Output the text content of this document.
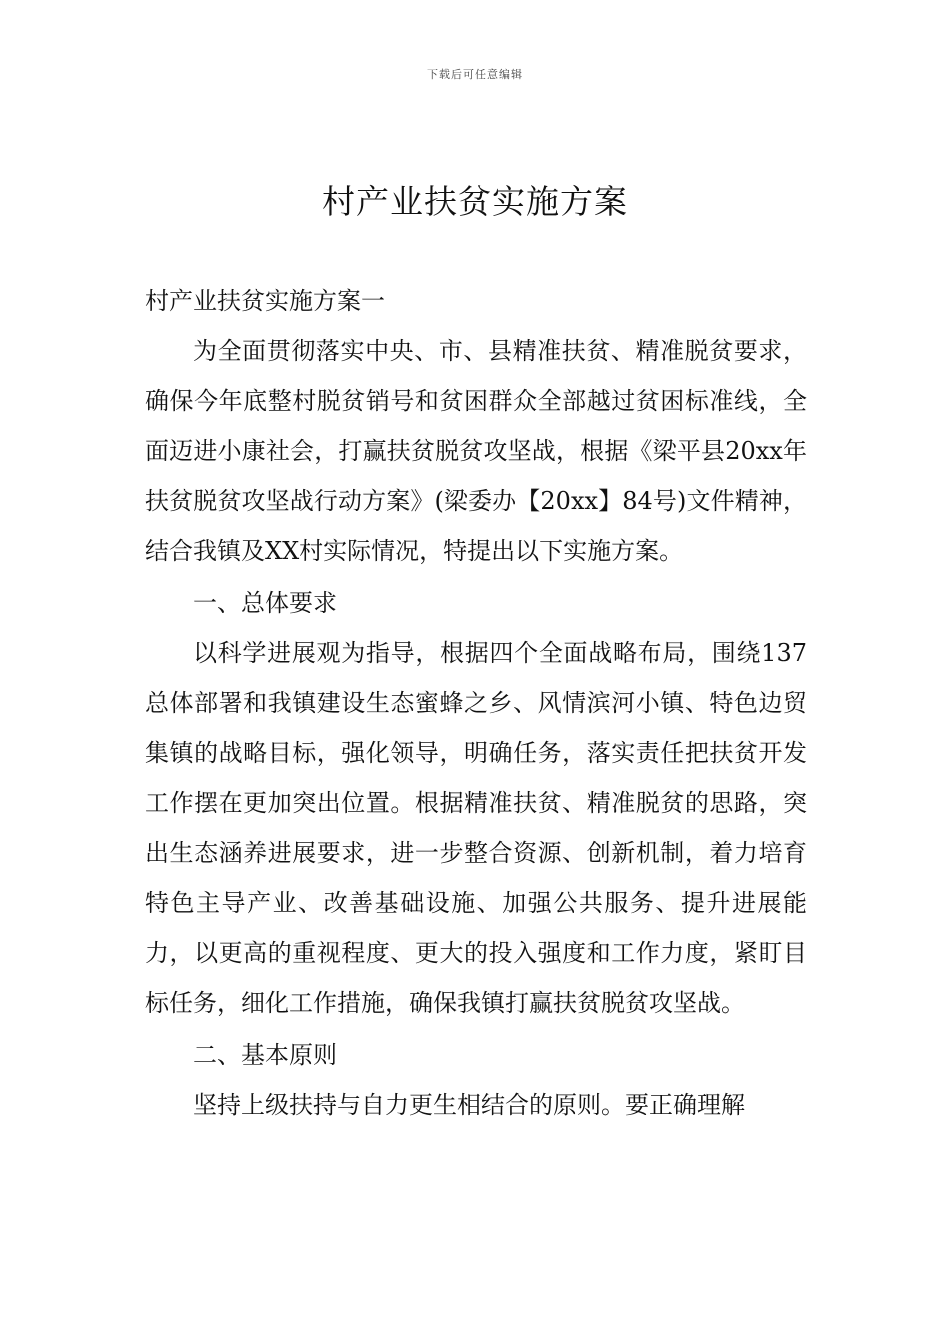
下载后可任意编辑
村产业扶贫实施方案

村产业扶贫实施方案一

为全面贯彻落实中央、市、县精准扶贫、精准脱贫要求，确保今年底整村脱贫销号和贫困群众全部越过贫困标准线，全面迈进小康社会，打赢扶贫脱贫攻坚战，根据《梁平县20xx年扶贫脱贫攻坚战行动方案》(梁委办【20xx】84号)文件精神，结合我镇及XX村实际情况，特提出以下实施方案。

一、总体要求

以科学进展观为指导，根据四个全面战略布局，围绕137总体部署和我镇建设生态蜜蜂之乡、风情滨河小镇、特色边贸集镇的战略目标，强化领导，明确任务，落实责任把扶贫开发工作摆在更加突出位置。根据精准扶贫、精准脱贫的思路，突出生态涵养进展要求，进一步整合资源、创新机制，着力培育特色主导产业、改善基础设施、加强公共服务、提升进展能力，以更高的重视程度、更大的投入强度和工作力度，紧盯目标任务，细化工作措施，确保我镇打赢扶贫脱贫攻坚战。

二、基本原则

坚持上级扶持与自力更生相结合的原则。要正确理解
